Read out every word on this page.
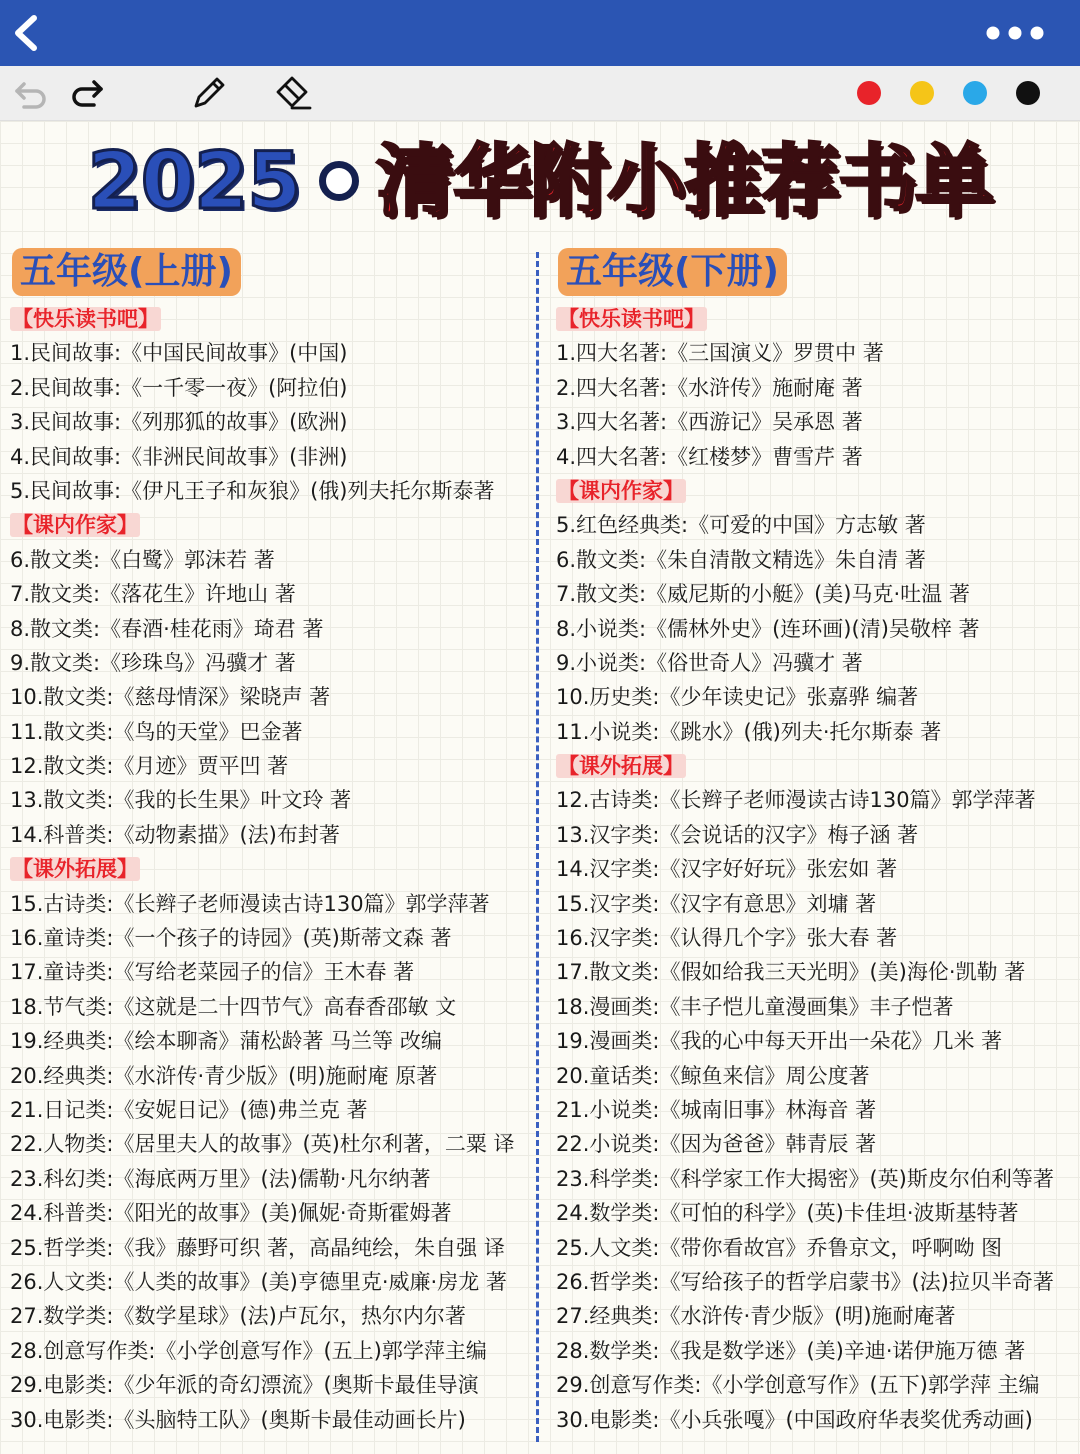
2025 清华附小推荐书单
五年级(上册)
【快乐读书吧】
1.民间故事:《中国民间故事》(中国)
2.民间故事:《一千零一夜》(阿拉伯)
3.民间故事:《列那狐的故事》(欧洲)
4.民间故事:《非洲民间故事》(非洲)
5.民间故事:《伊凡王子和灰狼》(俄)列夫托尔斯泰著
【课内作家】
6.散文类:《白鹭》郭沫若 著
7.散文类:《落花生》许地山 著
8.散文类:《春酒·桂花雨》琦君 著
9.散文类:《珍珠鸟》冯骥才 著
10.散文类:《慈母情深》梁晓声 著
11.散文类:《鸟的天堂》巴金著
12.散文类:《月迹》贾平凹 著
13.散文类:《我的长生果》叶文玲 著
14.科普类:《动物素描》(法)布封著
【课外拓展】
15.古诗类:《长辫子老师漫读古诗130篇》郭学萍著
16.童诗类:《一个孩子的诗园》(英)斯蒂文森 著
17.童诗类:《写给老菜园子的信》王木春 著
18.节气类:《这就是二十四节气》高春香邵敏 文
19.经典类:《绘本聊斋》蒲松龄著 马兰等 改编
20.经典类:《水浒传·青少版》(明)施耐庵 原著
21.日记类:《安妮日记》(德)弗兰克 著
22.人物类:《居里夫人的故事》(英)杜尔利著，二粟 译
23.科幻类:《海底两万里》(法)儒勒·凡尔纳著
24.科普类:《阳光的故事》(美)佩妮·奇斯霍姆著
25.哲学类:《我》藤野可织 著，高晶纯绘，朱自强 译
26.人文类:《人类的故事》(美)亨德里克·威廉·房龙 著
27.数学类:《数学星球》(法)卢瓦尔，热尔内尔著
28.创意写作类:《小学创意写作》(五上)郭学萍主编
29.电影类:《少年派的奇幻漂流》(奥斯卡最佳导演
30.电影类:《头脑特工队》(奥斯卡最佳动画长片)
五年级(下册)
【快乐读书吧】
1.四大名著:《三国演义》罗贯中 著
2.四大名著:《水浒传》施耐庵 著
3.四大名著:《西游记》吴承恩 著
4.四大名著:《红楼梦》曹雪芹 著
【课内作家】
5.红色经典类:《可爱的中国》方志敏 著
6.散文类:《朱自清散文精选》朱自清 著
7.散文类:《威尼斯的小艇》(美)马克·吐温 著
8.小说类:《儒林外史》(连环画)(清)吴敬梓 著
9.小说类:《俗世奇人》冯骥才 著
10.历史类:《少年读史记》张嘉骅 编著
11.小说类:《跳水》(俄)列夫·托尔斯泰 著
【课外拓展】
12.古诗类:《长辫子老师漫读古诗130篇》郭学萍著
13.汉字类:《会说话的汉字》梅子涵 著
14.汉字类:《汉字好好玩》张宏如 著
15.汉字类:《汉字有意思》刘墉 著
16.汉字类:《认得几个字》张大春 著
17.散文类:《假如给我三天光明》(美)海伦·凯勒 著
18.漫画类:《丰子恺儿童漫画集》丰子恺著
19.漫画类:《我的心中每天开出一朵花》几米 著
20.童话类:《鲸鱼来信》周公度著
21.小说类:《城南旧事》林海音 著
22.小说类:《因为爸爸》韩青辰 著
23.科学类:《科学家工作大揭密》(英)斯皮尔伯利等著
24.数学类:《可怕的科学》(英)卡佳坦·波斯基特著
25.人文类:《带你看故宫》乔鲁京文，呼啊呦 图
26.哲学类:《写给孩子的哲学启蒙书》(法)拉贝半奇著
27.经典类:《水浒传·青少版》(明)施耐庵著
28.数学类:《我是数学迷》(美)辛迪·诺伊施万德 著
29.创意写作类:《小学创意写作》(五下)郭学萍 主编
30.电影类:《小兵张嘎》(中国政府华表奖优秀动画)
